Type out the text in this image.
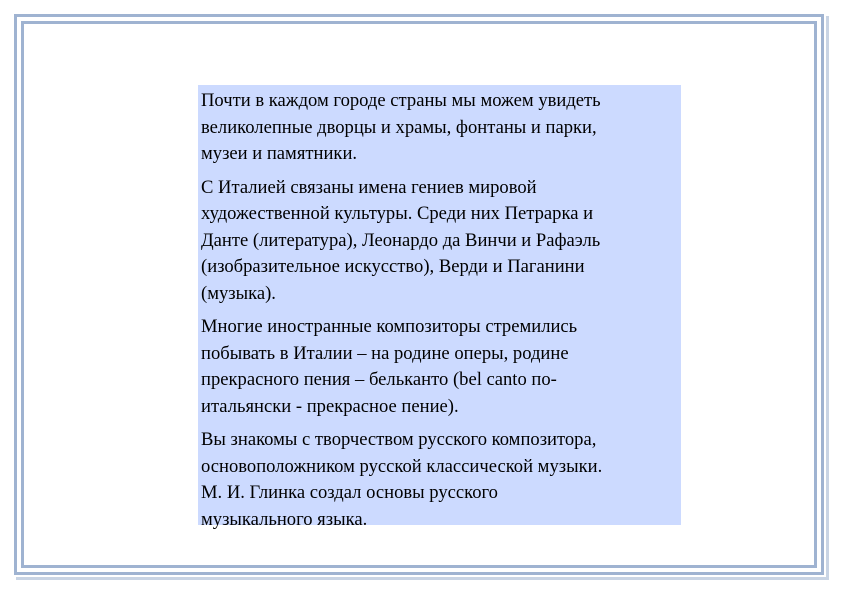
Почти в каждом городе страны мы можем увидеть
великолепные дворцы и храмы, фонтаны и парки,
музеи и памятники.

С Италией связаны имена гениев мировой
художественной культуры. Среди них Петрарка и
Данте (литература), Леонардо да Винчи и Рафаэль
(изобразительное искусство), Верди и Паганини
(музыка).

Многие иностранные композиторы стремились
побывать в Италии – на родине оперы, родине
прекрасного пения – бельканто (bel canto по-
итальянски - прекрасное пение).

Вы знакомы с творчеством русского композитора,
основоположником русской классической музыки.
М. И. Глинка создал основы русского
музыкального языка.
